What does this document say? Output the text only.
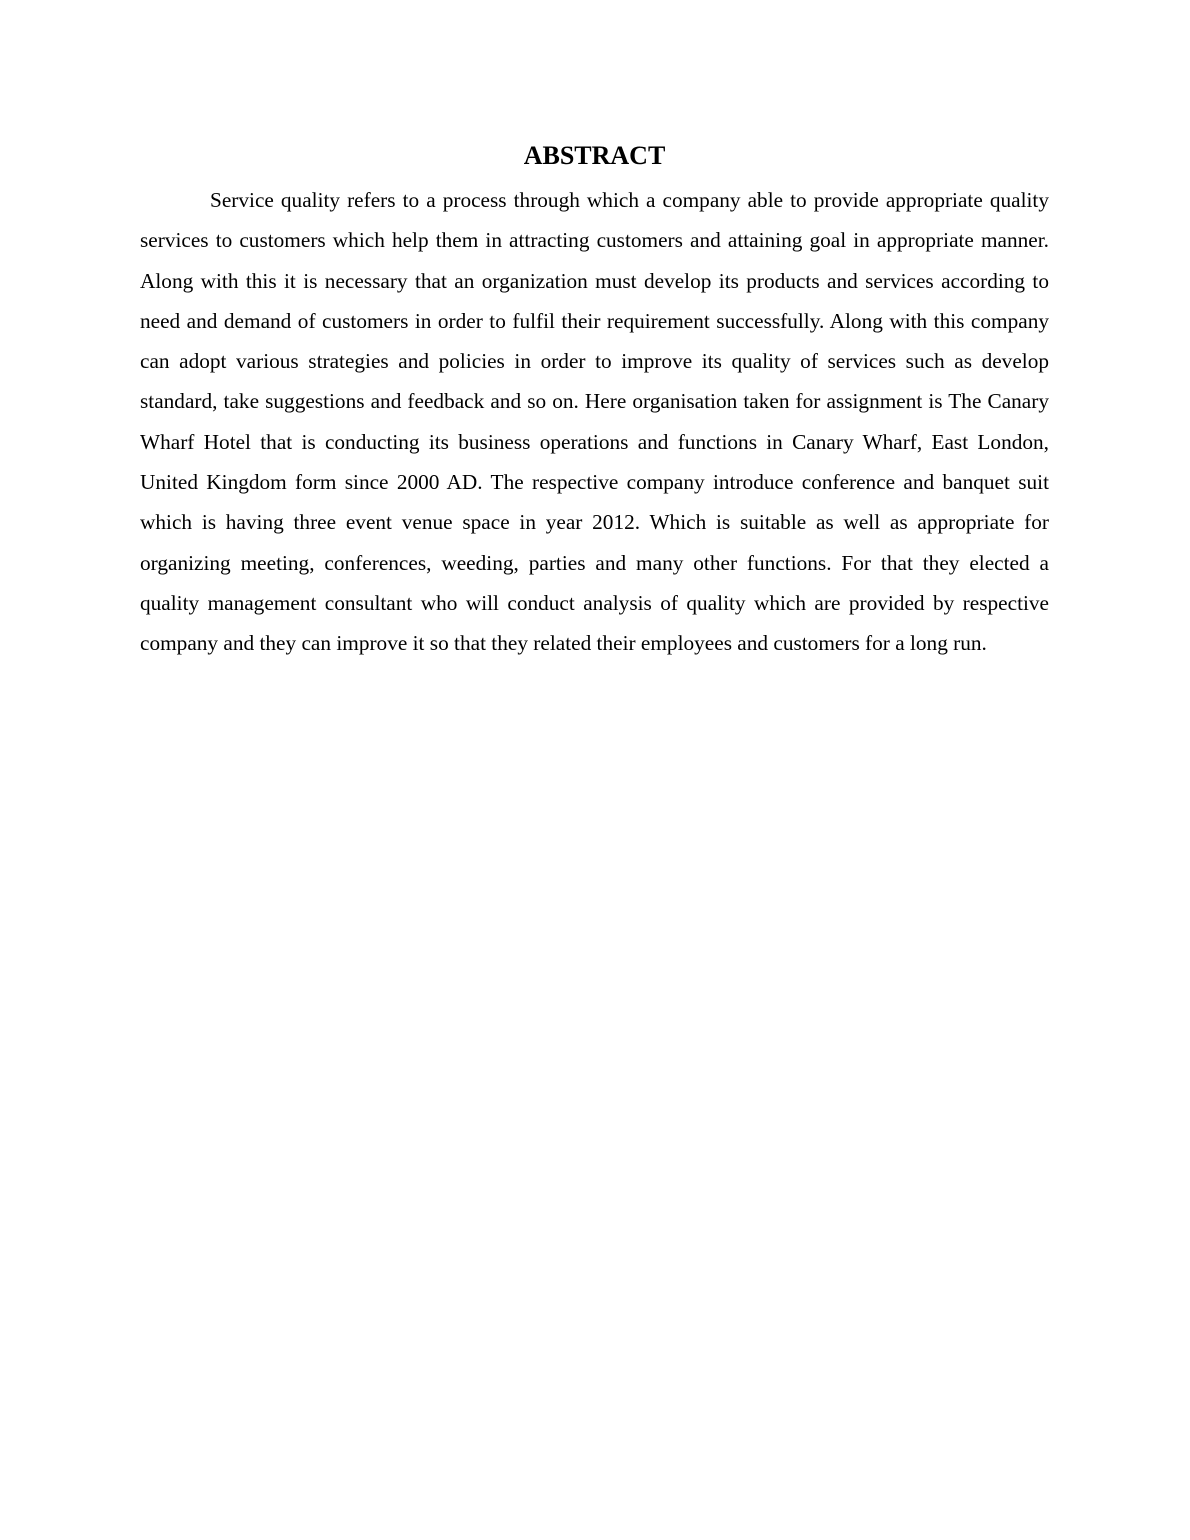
ABSTRACT

Service quality refers to a process through which a company able to provide appropriate quality services to customers which help them in attracting customers and attaining goal in appropriate manner. Along with this it is necessary that an organization must develop its products and services according to need and demand of customers in order to fulfil their requirement successfully. Along with this company can adopt various strategies and policies in order to improve its quality of services such as develop standard, take suggestions and feedback and so on. Here organisation taken for assignment is The Canary Wharf Hotel that is conducting its business operations and functions in Canary Wharf, East London, United Kingdom form since 2000 AD. The respective company introduce conference and banquet suit which is having three event venue space in year 2012. Which is suitable as well as appropriate for organizing meeting, conferences, weeding, parties and many other functions. For that they elected a quality management consultant who will conduct analysis of quality which are provided by respective company and they can improve it so that they related their employees and customers for a long run.
